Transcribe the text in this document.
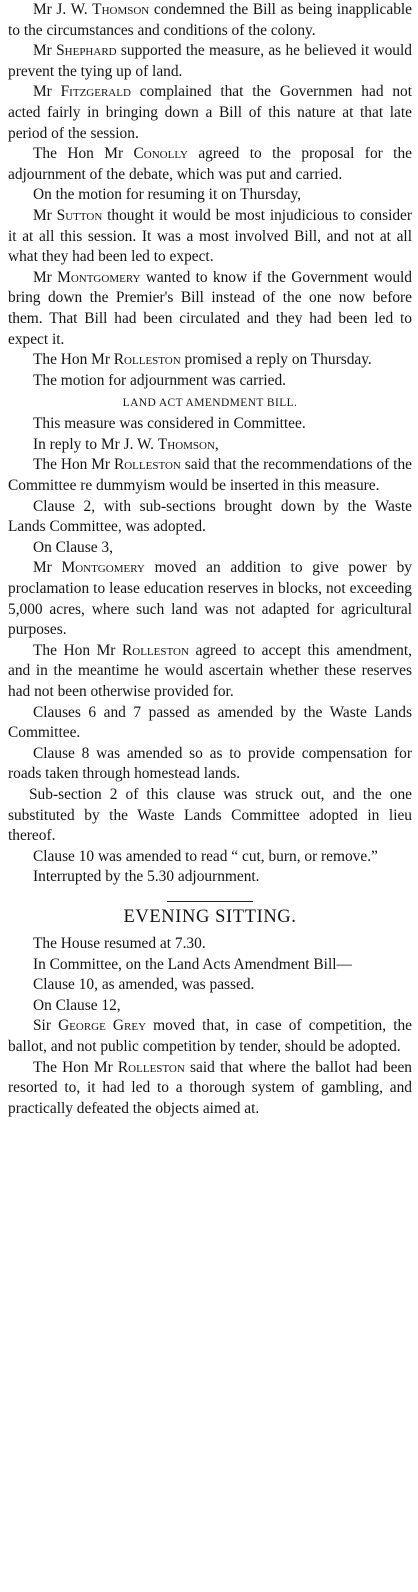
Mr J. W. Thomson condemned the Bill as being inapplicable to the circumstances and conditions of the colony.

Mr Shephard supported the measure, as he believed it would prevent the tying up of land.

Mr Fitzgerald complained that the Governmen had not acted fairly in bringing down a Bill of this nature at that late period of the session.

The Hon Mr Conolly agreed to the proposal for the adjournment of the debate, which was put and carried.

On the motion for resuming it on Thursday,

Mr Sutton thought it would be most injudicious to consider it at all this session. It was a most involved Bill, and not at all what they had been led to expect.

Mr Montgomery wanted to know if the Government would bring down the Premier's Bill instead of the one now before them. That Bill had been circulated and they had been led to expect it.

The Hon Mr Rolleston promised a reply on Thursday.

The motion for adjournment was carried.

LAND ACT AMENDMENT BILL.

This measure was considered in Committee.

In reply to Mr J. W. Thomson,

The Hon Mr Rolleston said that the recommendations of the Committee re dummyism would be inserted in this measure.

Clause 2, with sub-sections brought down by the Waste Lands Committee, was adopted.

On Clause 3,

Mr Montgomery moved an addition to give power by proclamation to lease education reserves in blocks, not exceeding 5,000 acres, where such land was not adapted for agricultural purposes.

The Hon Mr Rolleston agreed to accept this amendment, and in the meantime he would ascertain whether these reserves had not been otherwise provided for.

Clauses 6 and 7 passed as amended by the Waste Lands Committee.

Clause 8 was amended so as to provide compensation for roads taken through homestead lands.

Sub-section 2 of this clause was struck out, and the one substituted by the Waste Lands Committee adopted in lieu thereof.

Clause 10 was amended to read “ cut, burn, or remove.”

Interrupted by the 5.30 adjournment.

EVENING SITTING.

The House resumed at 7.30.

In Committee, on the Land Acts Amendment Bill—

Clause 10, as amended, was passed.

On Clause 12,

Sir George Grey moved that, in case of competition, the ballot, and not public competition by tender, should be adopted.

The Hon Mr Rolleston said that where the ballot had been resorted to, it had led to a thorough system of gambling, and practically defeated the objects aimed at.
